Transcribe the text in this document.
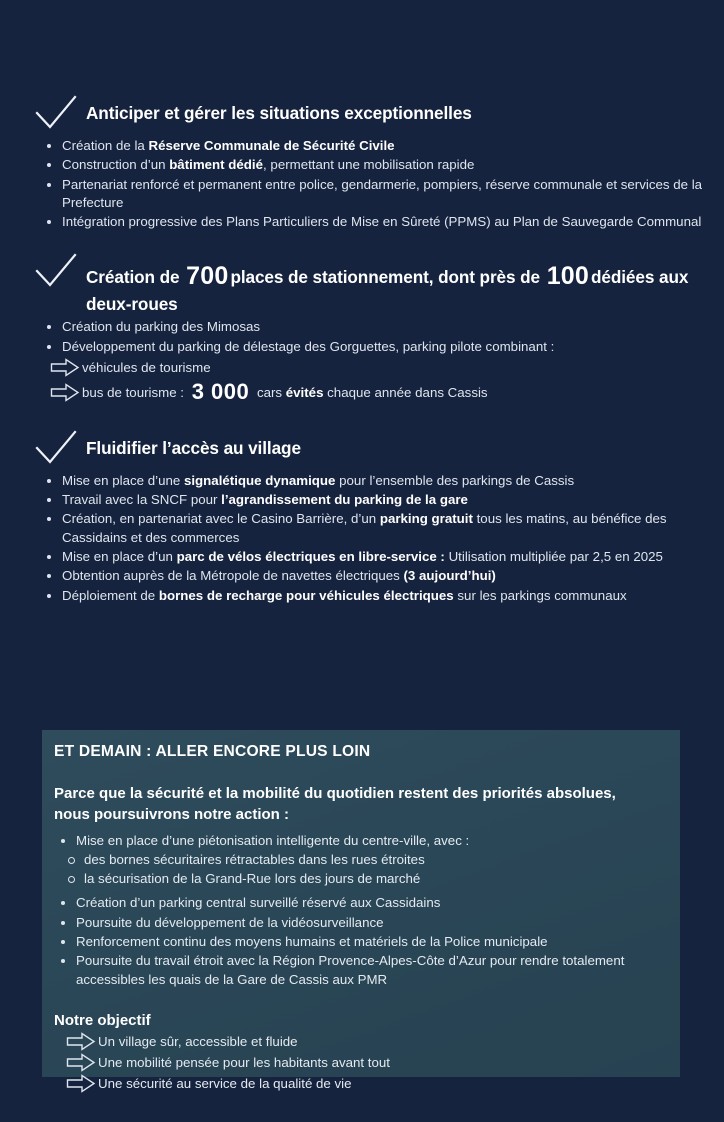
Anticiper et gérer les situations exceptionnelles
Création de la Réserve Communale de Sécurité Civile
Construction d’un bâtiment dédié, permettant une mobilisation rapide
Partenariat renforcé et permanent entre police, gendarmerie, pompiers, réserve communale et services de la Prefecture
Intégration progressive des Plans Particuliers de Mise en Sûreté (PPMS) au Plan de Sauvegarde Communal
Création de 700 places de stationnement, dont près de 100 dédiées aux deux-roues
Création du parking des Mimosas
Développement du parking de délestage des Gorguettes, parking pilote combinant :
véhicules de tourisme
bus de tourisme : 3 000 cars évités chaque année dans Cassis
Fluidifier l’accès au village
Mise en place d’une signalétique dynamique pour l’ensemble des parkings de Cassis
Travail avec la SNCF pour l’agrandissement du parking de la gare
Création, en partenariat avec le Casino Barrière, d’un parking gratuit tous les matins, au bénéfice des Cassidains et des commerces
Mise en place d’un parc de vélos électriques en libre-service : Utilisation multipliée par 2,5 en 2025
Obtention auprès de la Métropole de navettes électriques (3 aujourd’hui)
Déploiement de bornes de recharge pour véhicules électriques sur les parkings communaux
ET DEMAIN : ALLER ENCORE PLUS LOIN
Parce que la sécurité et la mobilité du quotidien restent des priorités absolues, nous poursuivrons notre action :
Mise en place d’une piétonisation intelligente du centre-ville, avec :
des bornes sécuritaires rétractables dans les rues étroites
la sécurisation de la Grand-Rue lors des jours de marché
Création d’un parking central surveillé réservé aux Cassidains
Poursuite du développement de la vidéosurveillance
Renforcement continu des moyens humains et matériels de la Police municipale
Poursuite du travail étroit avec la Région Provence-Alpes-Côte d’Azur pour rendre totalement accessibles les quais de la Gare de Cassis aux PMR
Notre objectif
Un village sûr, accessible et fluide
Une mobilité pensée pour les habitants avant tout
Une sécurité au service de la qualité de vie
